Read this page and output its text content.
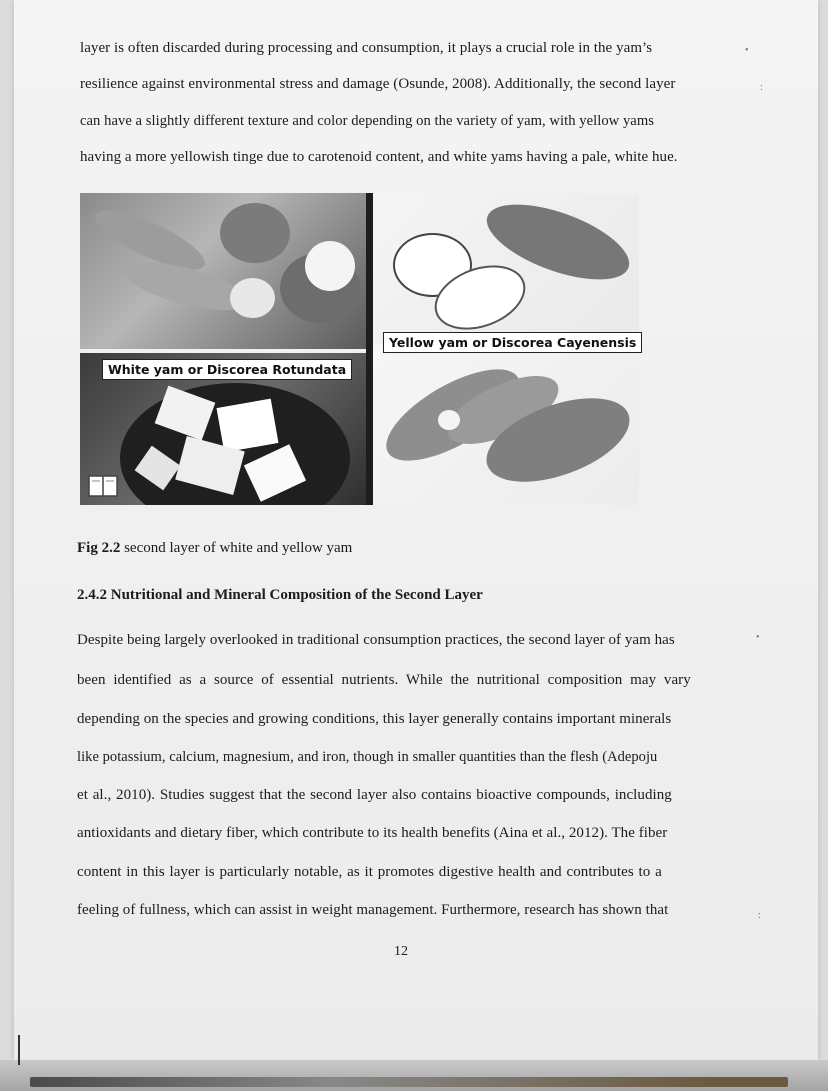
layer is often discarded during processing and consumption, it plays a crucial role in the yam’s
resilience against environmental stress and damage (Osunde, 2008). Additionally, the second layer
can have a slightly different texture and color depending on the variety of yam, with yellow yams
having a more yellowish tinge due to carotenoid content, and white yams having a pale, white hue.
White yam or Discorea Rotundata
Yellow yam or Discorea Cayenensis
Fig 2.2 second layer of white and yellow yam
2.4.2 Nutritional and Mineral Composition of the Second Layer
Despite being largely overlooked in traditional consumption practices, the second layer of yam has
been identified as a source of essential nutrients. While the nutritional composition may vary
depending on the species and growing conditions, this layer generally contains important minerals
like potassium, calcium, magnesium, and iron, though in smaller quantities than the flesh (Adepoju
et al., 2010). Studies suggest that the second layer also contains bioactive compounds, including
antioxidants and dietary fiber, which contribute to its health benefits (Aina et al., 2012). The fiber
content in this layer is particularly notable, as it promotes digestive health and contributes to a
feeling of fullness, which can assist in weight management. Furthermore, research has shown that
12
•
:
•
:
